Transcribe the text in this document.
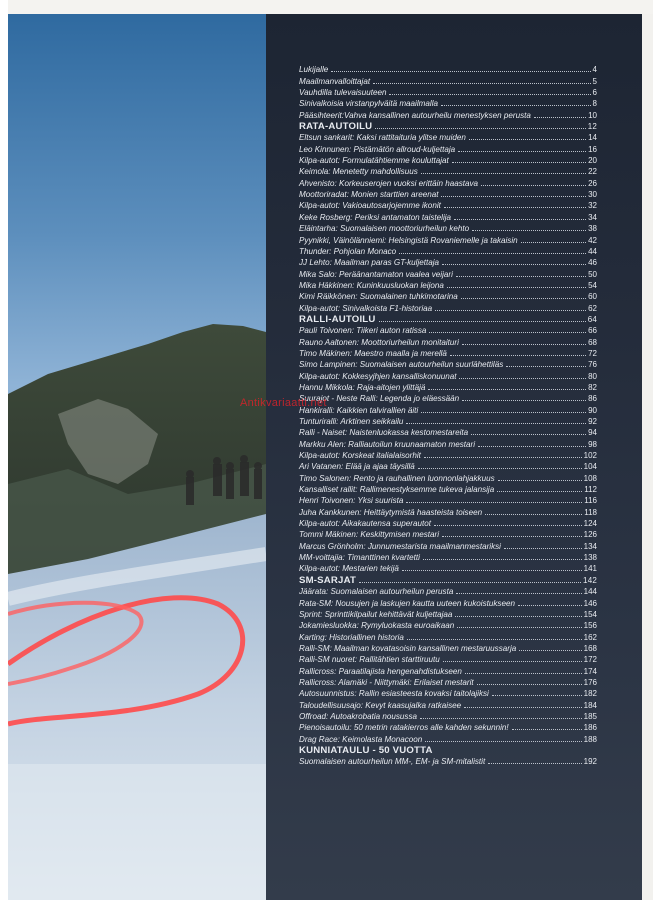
Lukijalle	4
Maailmanvalloittajat	5
Vauhdilla tulevaisuuteen	6
Sinivalkoisia virstanpylväitä maailmalla	8
Pääsihteerit:Vahva kansallinen autourheilu menestyksen perusta	10
RATA-AUTOILU	12
Eltsun sankarit: Kaksi rattitaituria ylitse muiden	14
Leo Kinnunen: Pistämätön allroud-kuljettaja	16
Kilpa-autot: Formulatähtiemme kouluttajat	20
Keimola: Menetetty mahdollisuus	22
Ahvenisto: Korkeuserojen vuoksi erittäin haastava	26
Moottoriradat: Monien starttien areenat	30
Kilpa-autot: Vakioautosarjojemme ikonit	32
Keke Rosberg: Periksi antamaton taistelija	34
Eläintarha: Suomalaisen moottoriurheilun kehto	38
Pyynikki, Väinölänniemi: Helsingistä Rovaniemelle ja takaisin	42
Thunder: Pohjolan Monaco	44
JJ Lehto: Maailman paras GT-kuljettaja	46
Mika Salo: Peräänantamaton vaalea veijari	50
Mika Häkkinen: Kuninkuusluokan leijona	54
Kimi Räikkönen: Suomalainen tuhkimotarina	60
Kilpa-autot: Sinivalkoista F1-historiaa	62
RALLI-AUTOILU	64
Pauli Toivonen: Tiikeri auton ratissa	66
Rauno Aaltonen: Moottoriurheilun monitaituri	68
Timo Mäkinen: Maestro maalla ja merellä	72
Simo Lampinen: Suomalaisen autourheilun suurlähettiläs	76
Kilpa-autot: Kokkesyjhjen kansalliskonuunat	80
Hannu Mikkola: Raja-aitojen ylittäjä	82
Suurajot - Neste Ralli: Legenda jo eläessään	86
Hankiralli: Kaikkien talvirallien äiti	90
Tunturiralli: Arktinen seikkailu	92
Ralli - Naiset: Naistenluokassa kestomestareita	94
Markku Alen: Ralliautoilun kruunaamaton mestari	98
Kilpa-autot: Korskeat italialaisorhit	102
Ari Vatanen: Elää ja ajaa täysillä	104
Timo Salonen: Rento ja rauhallinen luonnonlahjakkuus	108
Kansalliset rallit: Rallimenestyksemme tukeva jalansija	112
Henri Toivonen: Yksi suurista	116
Juha Kankkunen: Heittäytymistä haasteista toiseen	118
Kilpa-autot: Aikakautensa superautot	124
Tommi Mäkinen: Keskittymisen mestari	126
Marcus Grönholm: Junnumestarista maailmanmestariksi	134
MM-voittajia: Timanttinen kvartetti	138
Kilpa-autot: Mestarien tekijä	141
SM-SARJAT	142
Jäärata: Suomalaisen autourheilun perusta	144
Rata-SM: Nousujen ja laskujen kautta uuteen kukoistukseen	146
Sprint: Sprinttikilpailut kehittävät kuljettajaa	154
Jokamiesluokka: Rymyluokasta euroaikaan	156
Karting: Historiallinen historia	162
Ralli-SM: Maailman kovatasoisin kansallinen mestaruussarja	168
Ralli-SM nuoret: Rallitähtien starttiruutu	172
Rallicross: Paraatilajista hengenahdistukseen	174
Rallicross: Alamäki - Niittymäki: Erilaiset mestarit	176
Autosuunnistus: Rallin esiasteesta kovaksi taitolajiksi	182
Taloudellisuusajo: Kevyt kaasujalka ratkaisee	184
Offroad: Autoakrobatia nousussa	185
Pienoisautoilu: 50 metrin ratakierros alle kahden sekunnin!	186
Drag Race: Keimolasta Monacoon	188
KUNNIATAULU - 50 VUOTTA
Suomalaisen autourheilun MM-, EM- ja SM-mitalistit	192
Antikvariaatti.net
